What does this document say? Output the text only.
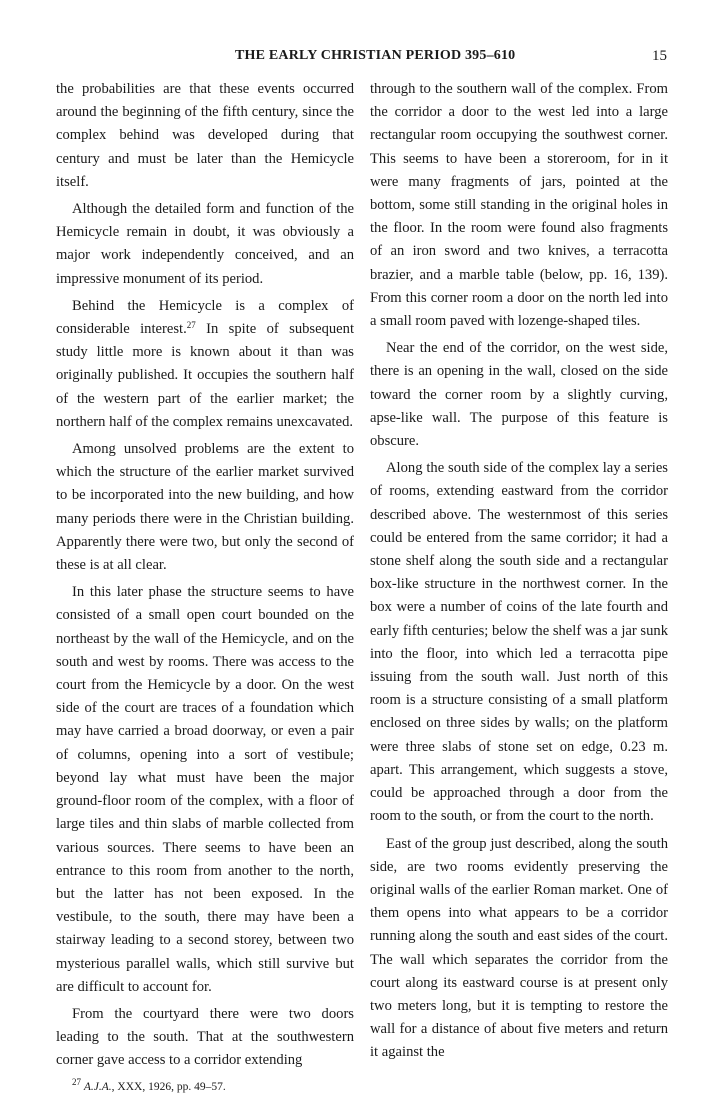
THE EARLY CHRISTIAN PERIOD 395–610	15

the probabilities are that these events occurred around the beginning of the fifth century, since the complex behind was developed during that century and must be later than the Hemicycle itself.

Although the detailed form and function of the Hemicycle remain in doubt, it was obviously a major work independently conceived, and an impressive monument of its period.

Behind the Hemicycle is a complex of considerable interest.$^{27}$ In spite of subsequent study little more is known about it than was originally published. It occupies the southern half of the western part of the earlier market; the northern half of the complex remains unexcavated.

Among unsolved problems are the extent to which the structure of the earlier market survived to be incorporated into the new building, and how many periods there were in the Christian building. Apparently there were two, but only the second of these is at all clear.

In this later phase the structure seems to have consisted of a small open court bounded on the northeast by the wall of the Hemicycle, and on the south and west by rooms. There was access to the court from the Hemicycle by a door. On the west side of the court are traces of a foundation which may have carried a broad doorway, or even a pair of columns, opening into a sort of vestibule; beyond lay what must have been the major ground-floor room of the complex, with a floor of large tiles and thin slabs of marble collected from various sources. There seems to have been an entrance to this room from another to the north, but the latter has not been exposed. In the vestibule, to the south, there may have been a stairway leading to a second storey, between two mysterious parallel walls, which still survive but are difficult to account for.

From the courtyard there were two doors leading to the south. That at the southwestern corner gave access to a corridor extending

$^{27}$ A.J.A., XXX, 1926, pp. 49–57.

through to the southern wall of the complex. From the corridor a door to the west led into a large rectangular room occupying the southwest corner. This seems to have been a storeroom, for in it were many fragments of jars, pointed at the bottom, some still standing in the original holes in the floor. In the room were found also fragments of an iron sword and two knives, a terracotta brazier, and a marble table (below, pp. 16, 139). From this corner room a door on the north led into a small room paved with lozenge-shaped tiles.

Near the end of the corridor, on the west side, there is an opening in the wall, closed on the side toward the corner room by a slightly curving, apse-like wall. The purpose of this feature is obscure.

Along the south side of the complex lay a series of rooms, extending eastward from the corridor described above. The westernmost of this series could be entered from the same corridor; it had a stone shelf along the south side and a rectangular box-like structure in the northwest corner. In the box were a number of coins of the late fourth and early fifth centuries; below the shelf was a jar sunk into the floor, into which led a terracotta pipe issuing from the south wall. Just north of this room is a structure consisting of a small platform enclosed on three sides by walls; on the platform were three slabs of stone set on edge, 0.23 m. apart. This arrangement, which suggests a stove, could be approached through a door from the room to the south, or from the court to the north.

East of the group just described, along the south side, are two rooms evidently preserving the original walls of the earlier Roman market. One of them opens into what appears to be a corridor running along the south and east sides of the court. The wall which separates the corridor from the court along its eastward course is at present only two meters long, but it is tempting to restore the wall for a distance of about five meters and return it against the
